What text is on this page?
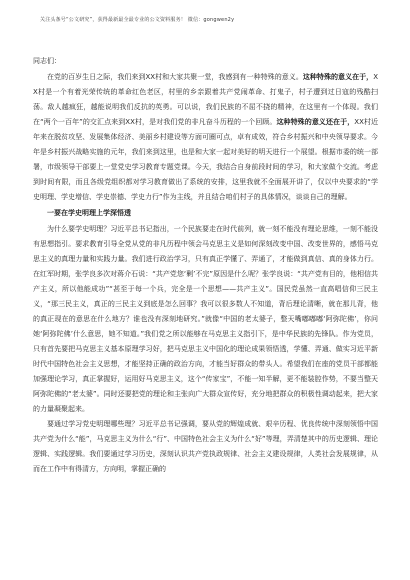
关注头条号“公文研究”，获得最新最全最专业的公文资料服务！ 微信：gongwen2y

同志们：

在党的百岁生日之际，我们来到XX村和大家共聚一堂，我感到有一种特殊的意义。这种特殊的意义在于，XX村是一个有着光荣传统的革命红色老区，村里的乡亲跟着共产党闹革命、打鬼子，村子遭到过日寇的残酷扫荡。敌人越疯狂，越能说明我们反抗的英勇。可以说，我们民族的不屈不挠的精神，在这里有一个体现。我们在“两个一百年”的交汇点来到XX村，是对我们党的非凡奋斗历程的一个回顾。这种特殊的意义还在于，XX村近年来在脱贫攻坚、发展集体经济、美丽乡村建设等方面可圈可点，卓有成效，符合乡村振兴和中央领导要求。今年是乡村振兴战略实施的元年，我们来到这里，也是和大家一起对美好的明天进行一个展望。根据市委的统一部署，市级领导干部要上一堂党史学习教育专题党课。今天，我结合自身前段时间的学习，和大家做个交流。考虑到时间有限，而且各级党组织都对学习教育做出了系统的安排，这里我就不全面展开讲了，仅以中央要求的“学史明理、学史增信、学史崇德、学史力行”作为主线，并且结合咱们村子的具体情况，谈谈自己的理解。

一要在学史明理上学深悟透

为什么要学史明理？习近平总书记指出，一个民族要走在时代前列，就一刻不能没有理论思维，一刻不能没有思想指引。要求教育引导全党从党的非凡历程中领会马克思主义是如何深刻改变中国、改变世界的，感悟马克思主义的真理力量和实践力量。我们进行政治学习，只有真正学懂了、弄通了，才能做到真信、真的身体力行。在红军时期，张学良多次对蒋介石说：“共产党您‘剿’不完”原因是什么呢？张学良说：“共产党有目的，他相信共产主义，所以他能成功”“甚至于每一个兵，完全是一个思想——共产主义”。国民党虽然一直高唱信仰三民主义，“那三民主义，真正的三民主义到底是怎么回事？我可以很多数人不知道，背后理论清晰，就在那儿背，他的真正现在的意思在什么地方？谁也没有深刻地研究。”就像“中国的老太婆子，整天嘴嘟嘟嘟‘阿弥陀佛’，你问她‘阿弥陀佛’什么意思，她不知道。”我们党之所以能够在马克思主义指引下，是中华民族的先锋队。作为党员，只有首先要把马克思主义基本原理学习好，把马克思主义中国化的理论成果领悟透，学懂、弄通、做实习近平新时代中国特色社会主义思想，才能坚持正确的政治方向，才能当好群众的带头人。希望我们在座的党员干部都能加强理论学习，真正掌握好，运用好马克思主义，这个“传家宝”，不能一知半解，更不能装腔作势，不要当整天阿弥陀佛的“老太婆”。同时还要把党的理论和主张向广大群众宣传好，充分地把群众的积极性调动起来，把大家的力量凝聚起来。

要通过学习党史明理哪些理？习近平总书记强调，要从党的辉煌成就、艰辛历程、优良传统中深刻领悟中国共产党为什么“能”，马克思主义为什么“行”、中国特色社会主义为什么“好”等理，弄清楚其中的历史逻辑、理论逻辑、实践逻辑。我们要通过学习历史，深刻认识共产党执政规律、社会主义建设规律，人类社会发展规律，从而在工作中有得清方，方向明，掌握正确的
